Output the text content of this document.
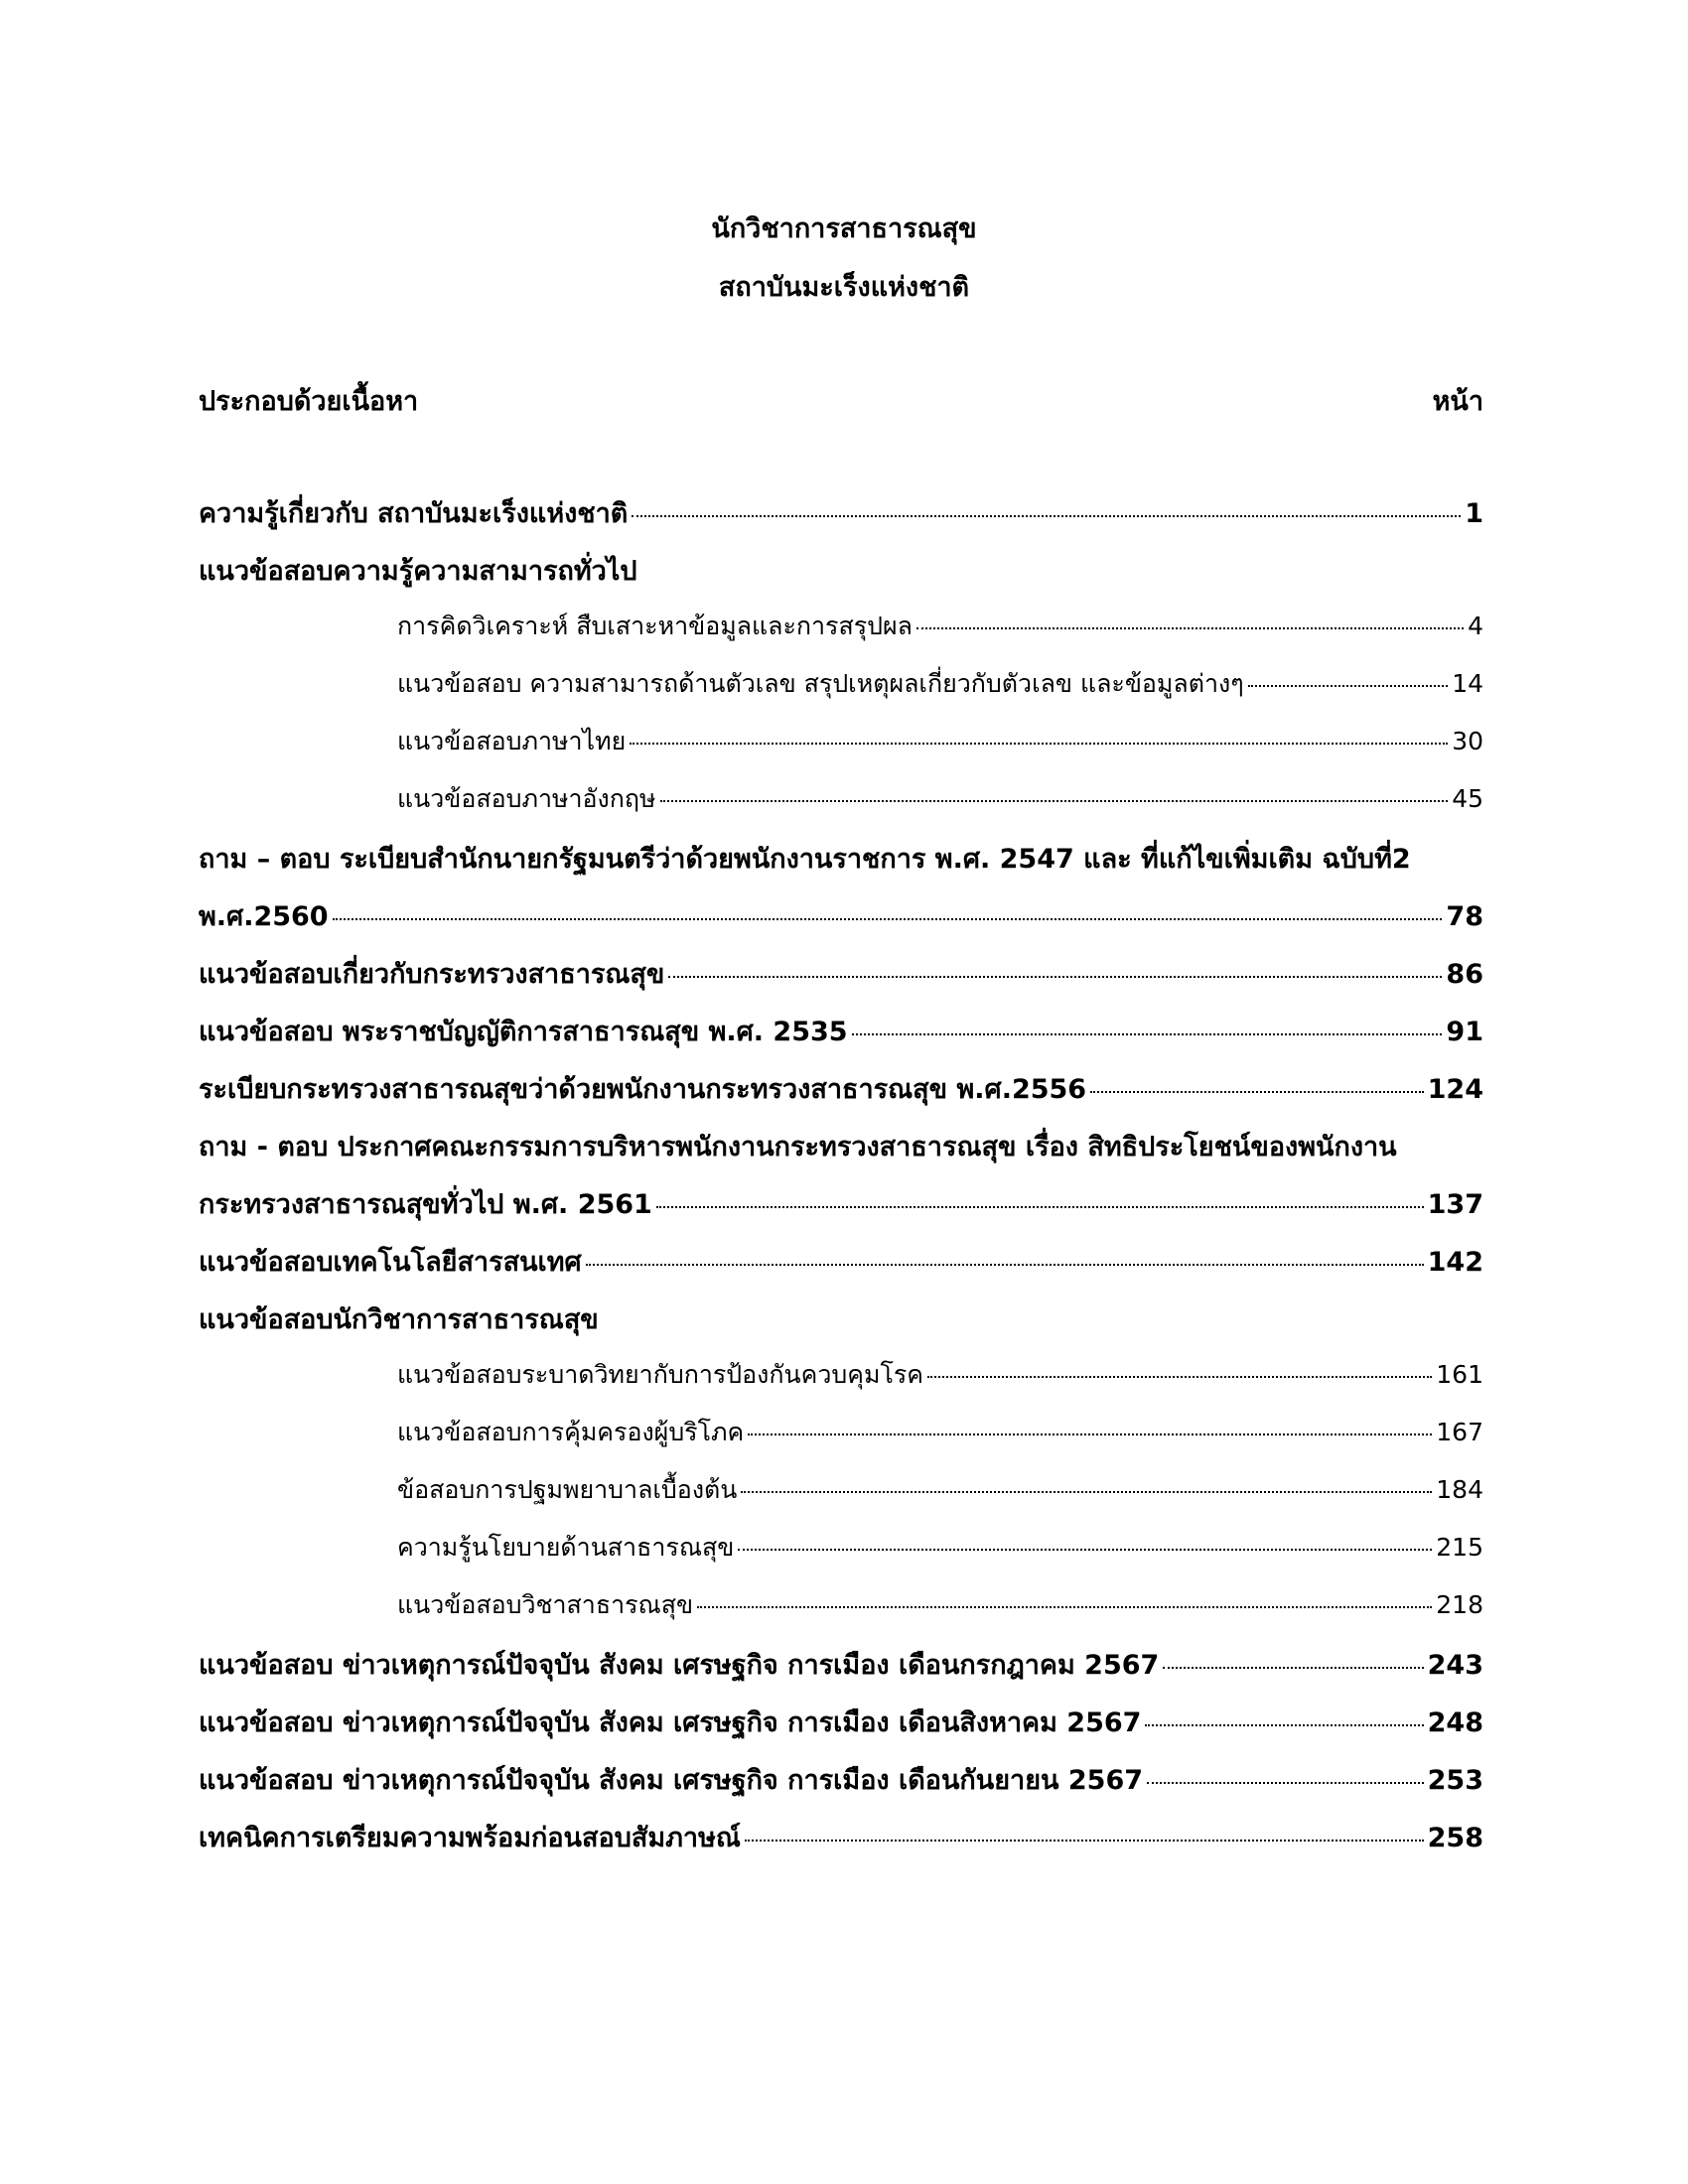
นักวิชาการสาธารณสุข
สถาบันมะเร็งแห่งชาติ
ประกอบด้วยเนื้อหา	หน้า
ความรู้เกี่ยวกับ สถาบันมะเร็งแห่งชาติ	1
แนวข้อสอบความรู้ความสามารถทั่วไป
การคิดวิเคราะห์ สืบเสาะหาข้อมูลและการสรุปผล	4
แนวข้อสอบ ความสามารถด้านตัวเลข สรุปเหตุผลเกี่ยวกับตัวเลข และข้อมูลต่างๆ	14
แนวข้อสอบภาษาไทย	30
แนวข้อสอบภาษาอังกฤษ	45
ถาม – ตอบ ระเบียบสำนักนายกรัฐมนตรีว่าด้วยพนักงานราชการ พ.ศ. 2547 และ ที่แก้ไขเพิ่มเติม ฉบับที่2
พ.ศ.2560	78
แนวข้อสอบเกี่ยวกับกระทรวงสาธารณสุข	86
แนวข้อสอบ พระราชบัญญัติการสาธารณสุข พ.ศ. 2535	91
ระเบียบกระทรวงสาธารณสุขว่าด้วยพนักงานกระทรวงสาธารณสุข พ.ศ.2556	124
ถาม - ตอบ ประกาศคณะกรรมการบริหารพนักงานกระทรวงสาธารณสุข เรื่อง สิทธิประโยชน์ของพนักงาน
กระทรวงสาธารณสุขทั่วไป พ.ศ. 2561	137
แนวข้อสอบเทคโนโลยีสารสนเทศ	142
แนวข้อสอบนักวิชาการสาธารณสุข
แนวข้อสอบระบาดวิทยากับการป้องกันควบคุมโรค	161
แนวข้อสอบการคุ้มครองผู้บริโภค	167
ข้อสอบการปฐมพยาบาลเบื้องต้น	184
ความรู้นโยบายด้านสาธารณสุข	215
แนวข้อสอบวิชาสาธารณสุข	218
แนวข้อสอบ ข่าวเหตุการณ์ปัจจุบัน สังคม เศรษฐกิจ การเมือง เดือนกรกฎาคม 2567	243
แนวข้อสอบ ข่าวเหตุการณ์ปัจจุบัน สังคม เศรษฐกิจ การเมือง เดือนสิงหาคม 2567	248
แนวข้อสอบ ข่าวเหตุการณ์ปัจจุบัน สังคม เศรษฐกิจ การเมือง เดือนกันยายน 2567	253
เทคนิคการเตรียมความพร้อมก่อนสอบสัมภาษณ์	258
